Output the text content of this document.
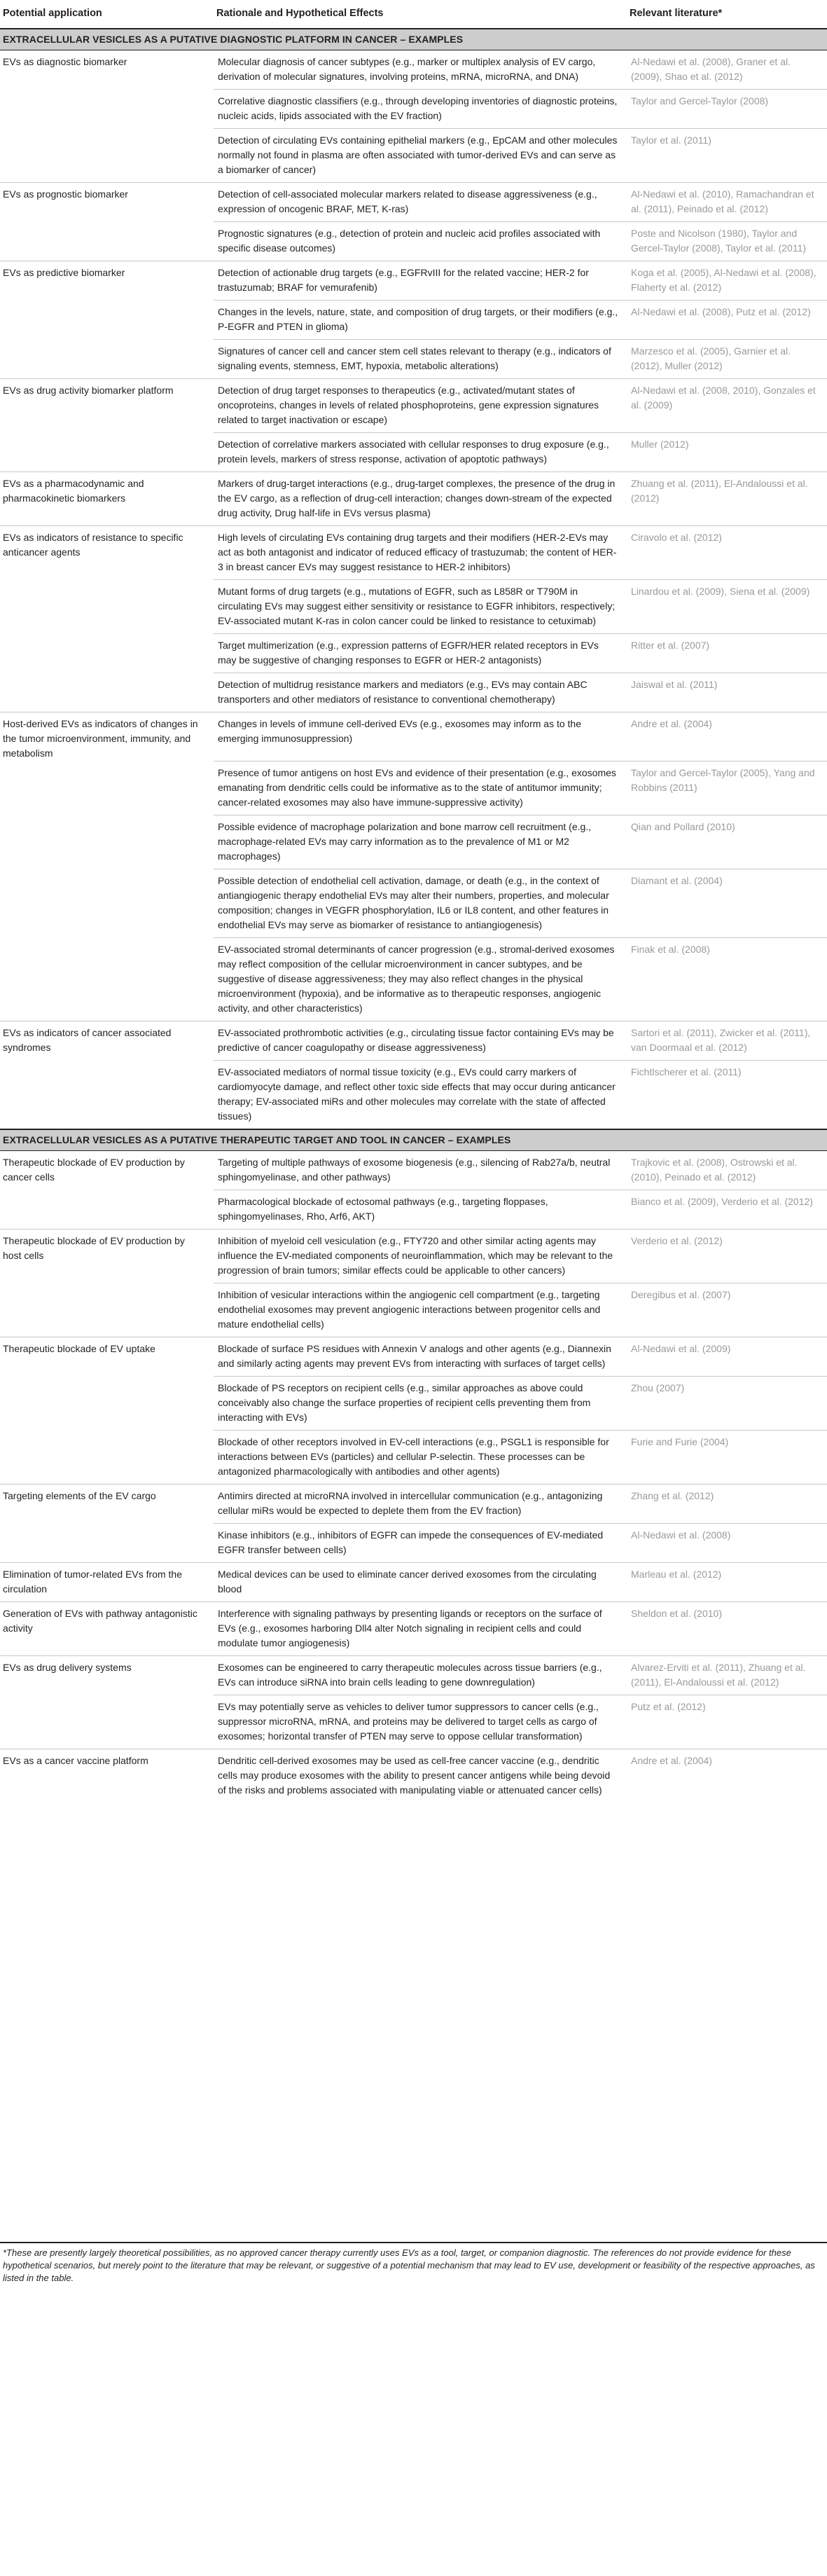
Potential application	Rationale and Hypothetical Effects	Relevant literature*
EXTRACELLULAR VESICLES AS A PUTATIVE DIAGNOSTIC PLATFORM IN CANCER – EXAMPLES		
EVs as diagnostic biomarker	Molecular diagnosis of cancer subtypes (e.g., marker or multiplex analysis of EV cargo, derivation of molecular signatures, involving proteins, mRNA, microRNA, and DNA)	Al-Nedawi et al. (2008), Graner et al. (2009), Shao et al. (2012)
	Correlative diagnostic classifiers (e.g., through developing inventories of diagnostic proteins, nucleic acids, lipids associated with the EV fraction)	Taylor and Gercel-Taylor (2008)
	Detection of circulating EVs containing epithelial markers (e.g., EpCAM and other molecules normally not found in plasma are often associated with tumor-derived EVs and can serve as a biomarker of cancer)	Taylor et al. (2011)
EVs as prognostic biomarker	Detection of cell-associated molecular markers related to disease aggressiveness (e.g., expression of oncogenic BRAF, MET, K-ras)	Al-Nedawi et al. (2010), Ramachandran et al. (2011), Peinado et al. (2012)
	Prognostic signatures (e.g., detection of protein and nucleic acid profiles associated with specific disease outcomes)	Poste and Nicolson (1980), Taylor and Gercel-Taylor (2008), Taylor et al. (2011)
EVs as predictive biomarker	Detection of actionable drug targets (e.g., EGFRvIII for the related vaccine; HER-2 for trastuzumab; BRAF for vemurafenib)	Koga et al. (2005), Al-Nedawi et al. (2008), Flaherty et al. (2012)
	Changes in the levels, nature, state, and composition of drug targets, or their modifiers (e.g., P-EGFR and PTEN in glioma)	Al-Nedawi et al. (2008), Putz et al. (2012)
	Signatures of cancer cell and cancer stem cell states relevant to therapy (e.g., indicators of signaling events, stemness, EMT, hypoxia, metabolic alterations)	Marzesco et al. (2005), Garnier et al. (2012), Muller (2012)
EVs as drug activity biomarker platform	Detection of drug target responses to therapeutics (e.g., activated/mutant states of oncoproteins, changes in levels of related phosphoproteins, gene expression signatures related to target inactivation or escape)	Al-Nedawi et al. (2008, 2010), Gonzales et al. (2009)
	Detection of correlative markers associated with cellular responses to drug exposure (e.g., protein levels, markers of stress response, activation of apoptotic pathways)	Muller (2012)
EVs as a pharmacodynamic and pharmacokinetic biomarkers	Markers of drug-target interactions (e.g., drug-target complexes, the presence of the drug in the EV cargo, as a reflection of drug-cell interaction; changes down-stream of the expected drug activity, Drug half-life in EVs versus plasma)	Zhuang et al. (2011), El-Andaloussi et al. (2012)
EVs as indicators of resistance to specific anticancer agents	High levels of circulating EVs containing drug targets and their modifiers (HER-2-EVs may act as both antagonist and indicator of reduced efficacy of trastuzumab; the content of HER-3 in breast cancer EVs may suggest resistance to HER-2 inhibitors)	Ciravolo et al. (2012)
	Mutant forms of drug targets (e.g., mutations of EGFR, such as L858R or T790M in circulating EVs may suggest either sensitivity or resistance to EGFR inhibitors, respectively; EV-associated mutant K-ras in colon cancer could be linked to resistance to cetuximab)	Linardou et al. (2009), Siena et al. (2009)
	Target multimerization (e.g., expression patterns of EGFR/HER related receptors in EVs may be suggestive of changing responses to EGFR or HER-2 antagonists)	Ritter et al. (2007)
	Detection of multidrug resistance markers and mediators (e.g., EVs may contain ABC transporters and other mediators of resistance to conventional chemotherapy)	Jaiswal et al. (2011)
Host-derived EVs as indicators of changes in the tumor microenvironment, immunity, and metabolism	Changes in levels of immune cell-derived EVs (e.g., exosomes may inform as to the emerging immunosuppression)	Andre et al. (2004)
	Presence of tumor antigens on host EVs and evidence of their presentation (e.g., exosomes emanating from dendritic cells could be informative as to the state of antitumor immunity; cancer-related exosomes may also have immune-suppressive activity)	Taylor and Gercel-Taylor (2005), Yang and Robbins (2011)
	Possible evidence of macrophage polarization and bone marrow cell recruitment (e.g., macrophage-related EVs may carry information as to the prevalence of M1 or M2 macrophages)	Qian and Pollard (2010)
	Possible detection of endothelial cell activation, damage, or death (e.g., in the context of antiangiogenic therapy endothelial EVs may alter their numbers, properties, and molecular composition; changes in VEGFR phosphorylation, IL6 or IL8 content, and other features in endothelial EVs may serve as biomarker of resistance to antiangiogenesis)	Diamant et al. (2004)
	EV-associated stromal determinants of cancer progression (e.g., stromal-derived exosomes may reflect composition of the cellular microenvironment in cancer subtypes, and be suggestive of disease aggressiveness; they may also reflect changes in the physical microenvironment (hypoxia), and be informative as to therapeutic responses, angiogenic activity, and other characteristics)	Finak et al. (2008)
EVs as indicators of cancer associated syndromes	EV-associated prothrombotic activities (e.g., circulating tissue factor containing EVs may be predictive of cancer coagulopathy or disease aggressiveness)	Sartori et al. (2011), Zwicker et al. (2011), van Doormaal et al. (2012)
	EV-associated mediators of normal tissue toxicity (e.g., EVs could carry markers of cardiomyocyte damage, and reflect other toxic side effects that may occur during anticancer therapy; EV-associated miRs and other molecules may correlate with the state of affected tissues)	Fichtlscherer et al. (2011)
EXTRACELLULAR VESICLES AS A PUTATIVE THERAPEUTIC TARGET AND TOOL IN CANCER – EXAMPLES		
Therapeutic blockade of EV production by cancer cells	Targeting of multiple pathways of exosome biogenesis (e.g., silencing of Rab27a/b, neutral sphingomyelinase, and other pathways)	Trajkovic et al. (2008), Ostrowski et al. (2010), Peinado et al. (2012)
	Pharmacological blockade of ectosomal pathways (e.g., targeting floppases, sphingomyelinases, Rho, Arf6, AKT)	Bianco et al. (2009), Verderio et al. (2012)
Therapeutic blockade of EV production by host cells	Inhibition of myeloid cell vesiculation (e.g., FTY720 and other similar acting agents may influence the EV-mediated components of neuroinflammation, which may be relevant to the progression of brain tumors; similar effects could be applicable to other cancers)	Verderio et al. (2012)
	Inhibition of vesicular interactions within the angiogenic cell compartment (e.g., targeting endothelial exosomes may prevent angiogenic interactions between progenitor cells and mature endothelial cells)	Deregibus et al. (2007)
Therapeutic blockade of EV uptake	Blockade of surface PS residues with Annexin V analogs and other agents (e.g., Diannexin and similarly acting agents may prevent EVs from interacting with surfaces of target cells)	Al-Nedawi et al. (2009)
	Blockade of PS receptors on recipient cells (e.g., similar approaches as above could conceivably also change the surface properties of recipient cells preventing them from interacting with EVs)	Zhou (2007)
	Blockade of other receptors involved in EV-cell interactions (e.g., PSGL1 is responsible for interactions between EVs (particles) and cellular P-selectin. These processes can be antagonized pharmacologically with antibodies and other agents)	Furie and Furie (2004)
Targeting elements of the EV cargo	Antimirs directed at microRNA involved in intercellular communication (e.g., antagonizing cellular miRs would be expected to deplete them from the EV fraction)	Zhang et al. (2012)
	Kinase inhibitors (e.g., inhibitors of EGFR can impede the consequences of EV-mediated EGFR transfer between cells)	Al-Nedawi et al. (2008)
Elimination of tumor-related EVs from the circulation	Medical devices can be used to eliminate cancer derived exosomes from the circulating blood	Marleau et al. (2012)
Generation of EVs with pathway antagonistic activity	Interference with signaling pathways by presenting ligands or receptors on the surface of EVs (e.g., exosomes harboring Dll4 alter Notch signaling in recipient cells and could modulate tumor angiogenesis)	Sheldon et al. (2010)
EVs as drug delivery systems	Exosomes can be engineered to carry therapeutic molecules across tissue barriers (e.g., EVs can introduce siRNA into brain cells leading to gene downregulation)	Alvarez-Erviti et al. (2011), Zhuang et al. (2011), El-Andaloussi et al. (2012)
	EVs may potentially serve as vehicles to deliver tumor suppressors to cancer cells (e.g., suppressor microRNA, mRNA, and proteins may be delivered to target cells as cargo of exosomes; horizontal transfer of PTEN may serve to oppose cellular transformation)	Putz et al. (2012)
EVs as a cancer vaccine platform	Dendritic cell-derived exosomes may be used as cell-free cancer vaccine (e.g., dendritic cells may produce exosomes with the ability to present cancer antigens while being devoid of the risks and problems associated with manipulating viable or attenuated cancer cells)	Andre et al. (2004)
*These are presently largely theoretical possibilities, as no approved cancer therapy currently uses EVs as a tool, target, or companion diagnostic. The references do not provide evidence for these hypothetical scenarios, but merely point to the literature that may be relevant, or suggestive of a potential mechanism that may lead to EV use, development or feasibility of the respective approaches, as listed in the table.
